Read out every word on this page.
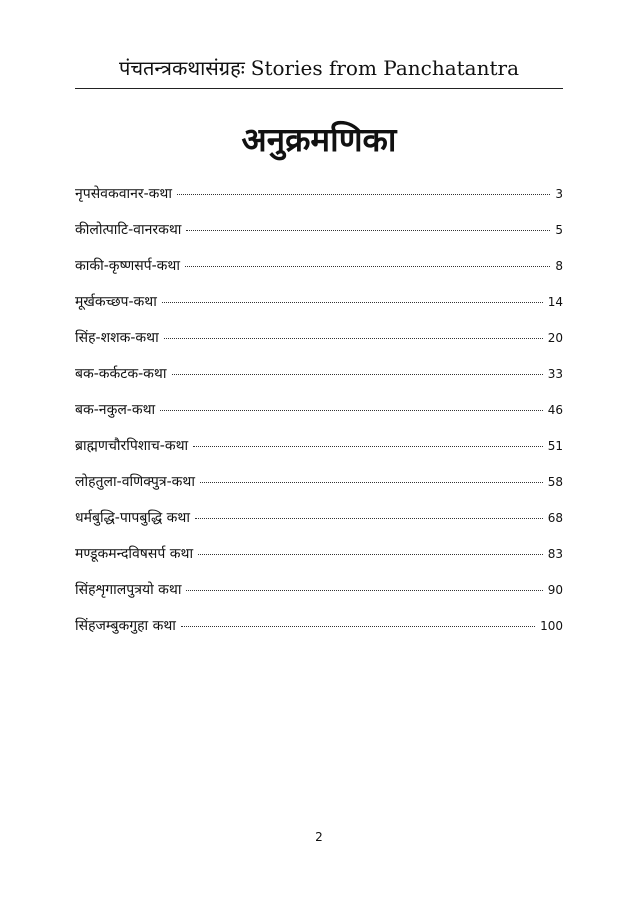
पंचतन्त्रकथासंग्रहः Stories from Panchatantra
अनुक्रमणिका
नृपसेवकवानर-कथा	3
कीलोत्पाटि-वानरकथा	5
काकी-कृष्णसर्प-कथा	8
मूर्खकच्छप-कथा	14
सिंह-शशक-कथा	20
बक-कर्कटक-कथा	33
बक-नकुल-कथा	46
ब्राह्मणचौरपिशाच-कथा	51
लोहतुला-वणिक्पुत्र-कथा	58
धर्मबुद्धि-पापबुद्धि कथा	68
मण्डूकमन्दविषसर्प कथा	83
सिंहशृगालपुत्रयो कथा	90
सिंहजम्बुकगुहा कथा	100
2
